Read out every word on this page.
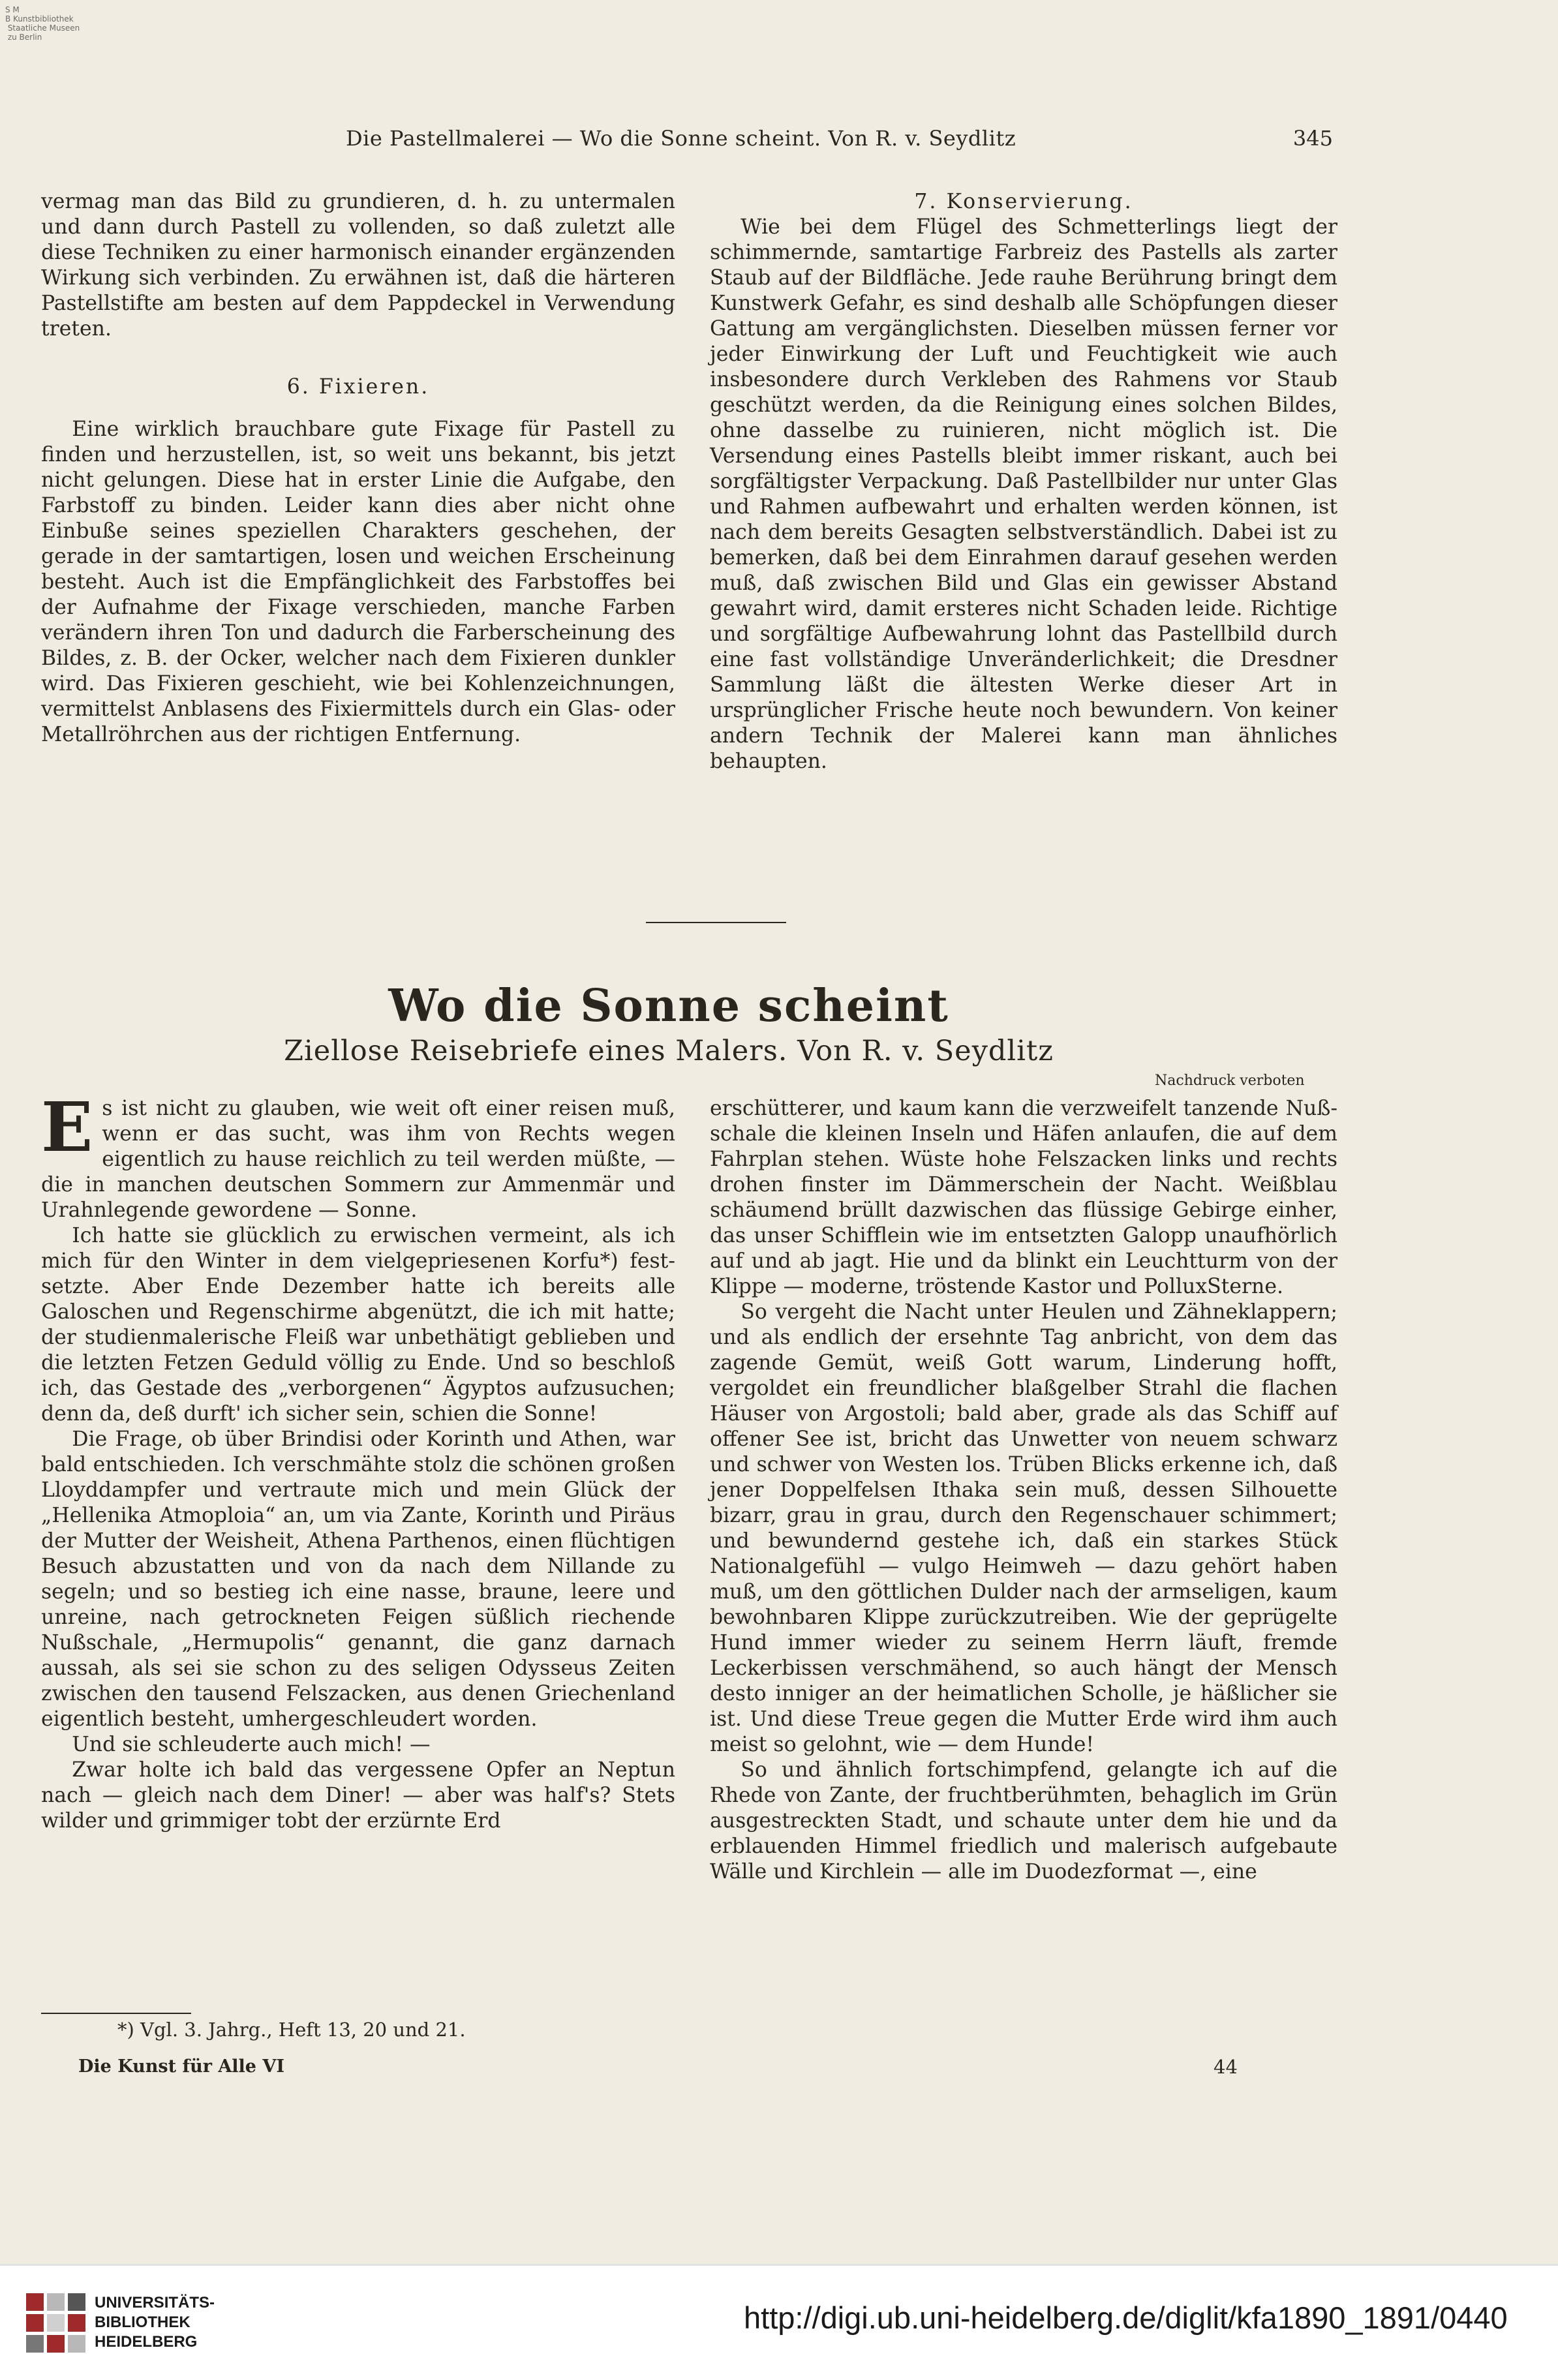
S M
B Kunstbibliothek
Staatliche Museen
zu Berlin
Die Pastellmalerei — Wo die Sonne scheint. Von R. v. Seydlitz	345

vermag man das Bild zu grundieren, d. h. zu untermalen und dann durch Pastell zu vollenden, so daß zuletzt alle diese Techniken zu einer harmonisch einander ergänzenden Wirkung sich verbinden. Zu erwähnen ist, daß die härteren Pastellstifte am besten auf dem Pappdeckel in Verwendung treten.

6. Fixieren.

Eine wirklich brauchbare gute Fixage für Pastell zu finden und herzustellen, ist, so weit uns bekannt, bis jetzt nicht gelungen. Diese hat in erster Linie die Aufgabe, den Farbstoff zu binden. Leider kann dies aber nicht ohne Einbuße seines speziellen Charakters geschehen, der gerade in der samtartigen, losen und weichen Erscheinung besteht. Auch ist die Empfänglichkeit des Farbstoffes bei der Aufnahme der Fixage verschieden, manche Farben verändern ihren Ton und dadurch die Farberscheinung des Bildes, z. B. der Ocker, welcher nach dem Fixieren dunkler wird. Das Fixieren geschieht, wie bei Kohlenzeichnungen, vermittelst Anblasens des Fixiermittels durch ein Glas- oder Metallröhrchen aus der richtigen Entfernung.

7. Konservierung.

Wie bei dem Flügel des Schmetterlings liegt der schimmernde, samtartige Farbreiz des Pastells als zarter Staub auf der Bildfläche. Jede rauhe Berührung bringt dem Kunstwerk Gefahr, es sind deshalb alle Schöpfungen dieser Gattung am vergänglichsten. Dieselben müssen ferner vor jeder Einwirkung der Luft und Feuchtigkeit wie auch insbesondere durch Verkleben des Rahmens vor Staub geschützt werden, da die Reinigung eines solchen Bildes, ohne dasselbe zu ruinieren, nicht möglich ist. Die Versendung eines Pastells bleibt immer riskant, auch bei sorgfältigster Verpackung. Daß Pastellbilder nur unter Glas und Rahmen aufbewahrt und erhalten werden können, ist nach dem bereits Gesagten selbstverständlich. Dabei ist zu bemerken, daß bei dem Einrahmen darauf gesehen werden muß, daß zwischen Bild und Glas ein gewisser Abstand gewahrt wird, damit ersteres nicht Schaden leide. Richtige und sorgfältige Aufbewahrung lohnt das Pastellbild durch eine fast vollständige Unveränderlichkeit; die Dresdner Sammlung läßt die ältesten Werke dieser Art in ursprünglicher Frische heute noch bewundern. Von keiner andern Technik der Malerei kann man ähnliches behaupten.

Wo die Sonne scheint
Ziellose Reisebriefe eines Malers. Von R. v. Seydlitz
Nachdruck verboten

Es ist nicht zu glauben, wie weit oft einer reisen muß, wenn er das sucht, was ihm von Rechts wegen eigentlich zu hause reichlich zu teil werden müßte, — die in manchen deutschen Sommern zur Ammenmär und Urahnlegende gewordene — Sonne.

Ich hatte sie glücklich zu erwischen vermeint, als ich mich für den Winter in dem vielgepriesenen Korfu*) festsetzte. Aber Ende Dezember hatte ich bereits alle Galoschen und Regenschirme abgenützt, die ich mit hatte; der studienmalerische Fleiß war unbethätigt geblieben und die letzten Fetzen Geduld völlig zu Ende. Und so beschloß ich, das Gestade des „verborgenen“ Ägyptos aufzusuchen; denn da, deß durft' ich sicher sein, schien die Sonne!

Die Frage, ob über Brindisi oder Korinth und Athen, war bald entschieden. Ich verschmähte stolz die schönen großen Lloyddampfer und vertraute mich und mein Glück der „Hellenika Atmoploia“ an, um via Zante, Korinth und Piräus der Mutter der Weisheit, Athena Parthenos, einen flüchtigen Besuch abzustatten und von da nach dem Nillande zu segeln; und so bestieg ich eine nasse, braune, leere und unreine, nach getrockneten Feigen süßlich riechende Nußschale, „Hermupolis“ genannt, die ganz darnach aussah, als sei sie schon zu des seligen Odysseus Zeiten zwischen den tausend Felszacken, aus denen Griechenland eigentlich besteht, umhergeschleudert worden.

Und sie schleuderte auch mich! —

Zwar holte ich bald das vergessene Opfer an Neptun nach — gleich nach dem Diner! — aber was half's? Stets wilder und grimmiger tobt der erzürnte Erd

erschütterer, und kaum kann die verzweifelt tanzende Nußschale die kleinen Inseln und Häfen anlaufen, die auf dem Fahrplan stehen. Wüste hohe Felszacken links und rechts drohen finster im Dämmerschein der Nacht. Weißblau schäumend brüllt dazwischen das flüssige Gebirge einher, das unser Schifflein wie im entsetzten Galopp unaufhörlich auf und ab jagt. Hie und da blinkt ein Leuchtturm von der Klippe — moderne, tröstende Kastor und PolluxSterne.

So vergeht die Nacht unter Heulen und Zähneklappern; und als endlich der ersehnte Tag anbricht, von dem das zagende Gemüt, weiß Gott warum, Linderung hofft, vergoldet ein freundlicher blaßgelber Strahl die flachen Häuser von Argostoli; bald aber, grade als das Schiff auf offener See ist, bricht das Unwetter von neuem schwarz und schwer von Westen los. Trüben Blicks erkenne ich, daß jener Doppelfelsen Ithaka sein muß, dessen Silhouette bizarr, grau in grau, durch den Regenschauer schimmert; und bewundernd gestehe ich, daß ein starkes Stück Nationalgefühl — vulgo Heimweh — dazu gehört haben muß, um den göttlichen Dulder nach der armseligen, kaum bewohnbaren Klippe zurückzutreiben. Wie der geprügelte Hund immer wieder zu seinem Herrn läuft, fremde Leckerbissen verschmähend, so auch hängt der Mensch desto inniger an der heimatlichen Scholle, je häßlicher sie ist. Und diese Treue gegen die Mutter Erde wird ihm auch meist so gelohnt, wie — dem Hunde!

So und ähnlich fortschimpfend, gelangte ich auf die Rhede von Zante, der fruchtberühmten, behaglich im Grün ausgestreckten Stadt, und schaute unter dem hie und da erblauenden Himmel friedlich und malerisch aufgebaute Wälle und Kirchlein — alle im Duodezformat —, eine

*) Vgl. 3. Jahrg., Heft 13, 20 und 21.
Die Kunst für Alle VI	44
UNIVERSITÄTS-
BIBLIOTHEK
HEIDELBERG
http://digi.ub.uni-heidelberg.de/diglit/kfa1890_1891/0440
